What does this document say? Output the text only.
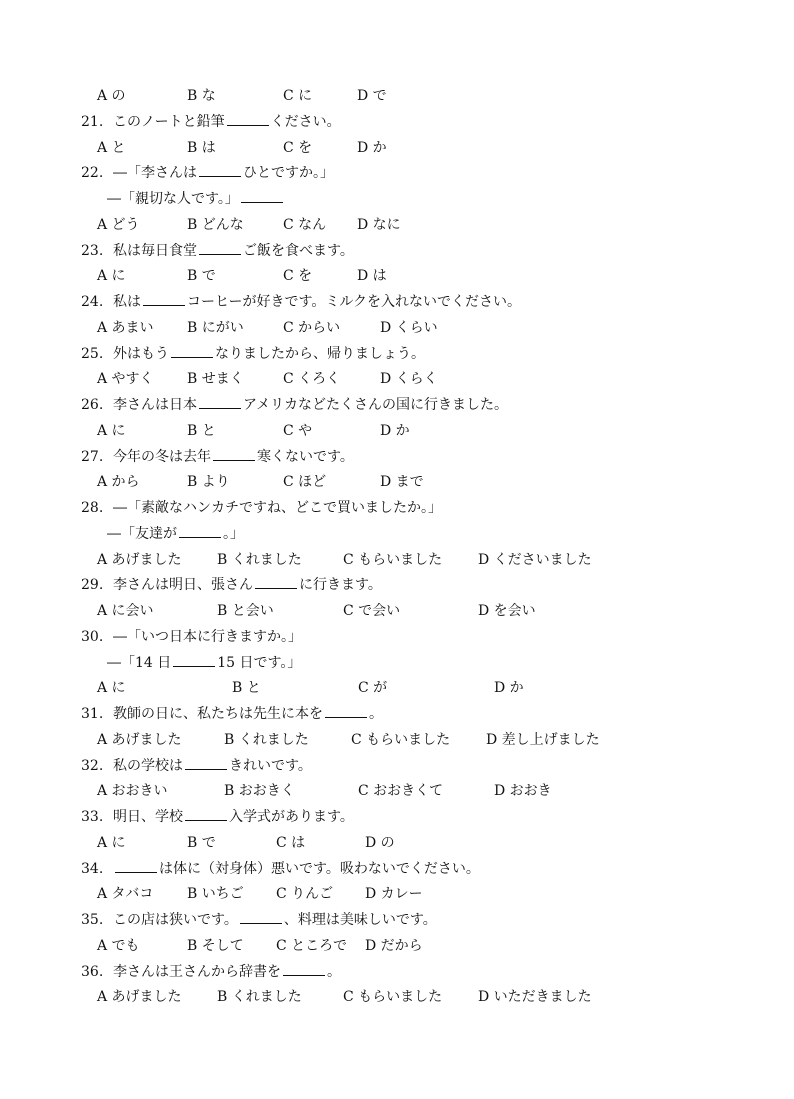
A の	B な	C に	D で
21. このノートと鉛筆	ください。
A と	B は	C を	D か
22. ―「李さんは	ひとですか。」
―「親切な人です。」
A どう	B どんな	C なん D なに
23. 私は毎日食堂	ご飯を食べます。
A に	B で	C を	D は
24. 私は	コーヒーが好きです。ミルクを入れないでください。
A あまい B にがい	C からい	D くらい
25. 外はもう	なりましたから、帰りましょう。
A やすく B せまく	C くろく	D くらく
26. 李さんは日本	アメリカなどたくさんの国に行きました。
A に	B と	C や	D か
27. 今年の冬は去年	寒くないです。
A から	B より	C ほど	D まで
28. ―「素敵なハンカチですね、どこで買いましたか。」
―「友達が	。」
A あげました	B くれました	C もらいました	D くださいました
29. 李さんは明日、張さん	に行きます。
A に会い	B と会い	C で会い	D を会い
30. ―「いつ日本に行きますか。」
―「14 日	15 日です。」
A に	B と	C が	D か
31. 教師の日に、私たちは先生に本を	。
A あげました	B くれました	C もらいました	D 差し上げました
32. 私の学校は	きれいです。
A おおきい	B おおきく	C おおきくて	D おおき
33. 明日、学校	入学式があります。
A に	B で	C は	D の
34.	は体に（対身体）悪いです。吸わないでください。
A タバコ B いちご C りんご D カレー
35. この店は狭いです。	、料理は美味しいです。
A でも	B そして C ところで D だから
36. 李さんは王さんから辞書を	。
A あげました	B くれました	C もらいました	D いただきました
